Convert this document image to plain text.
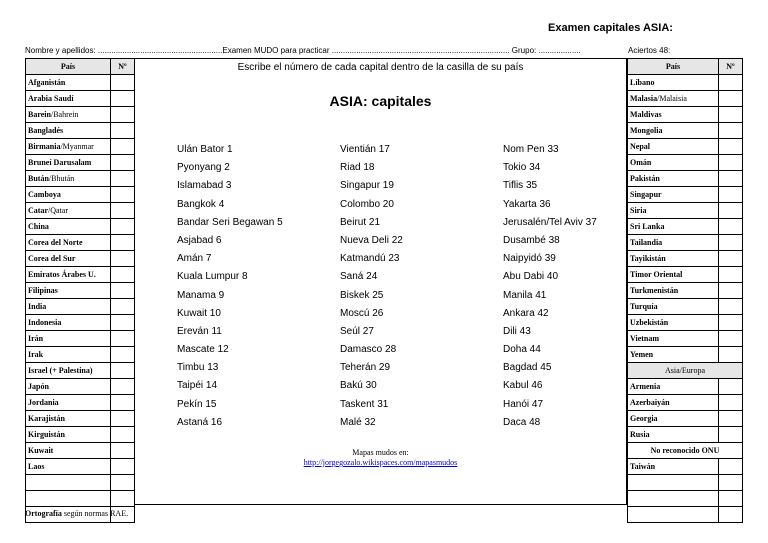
Examen capitales ASIA:
Nombre y apellidos: ........................................................Examen MUDO para practicar ................................................................................ Grupo: ...................	Aciertos 48:
País	Nº
Afganistán	
Arabia Saudí	
Barein/Bahrein	
Bangladés	
Birmania/Myanmar	
Bruneí Darusalam	
Bután/Bhután	
Camboya	
Catar/Qatar	
China	
Corea del Norte	
Corea del Sur	
Emiratos Árabes U.	
Filipinas	
India	
Indonesia	
Irán	
Irak	
Israel (+ Palestina)	
Japón	
Jordania	
Karajistán	
Kirguistán	
Kuwait	
Laos	

Escribe el número de cada capital dentro de la casilla de su país
ASIA: capitales
Ulán Bator 1
Pyonyang 2
Islamabad 3
Bangkok 4
Bandar Seri Begawan 5
Asjabad 6
Amán 7
Kuala Lumpur 8
Manama 9
Kuwait 10
Ereván 11
Mascate 12
Timbu 13
Taipéi 14
Pekín 15
Astaná 16
Vientián 17
Riad 18
Singapur 19
Colombo 20
Beirut 21
Nueva Deli 22
Katmandú 23
Saná 24
Biskek 25
Moscú 26
Seúl 27
Damasco 28
Teherán 29
Bakú 30
Taskent 31
Malé 32
Nom Pen 33
Tokio 34
Tiflis 35
Yakarta 36
Jerusalén/Tel Aviv 37
Dusambé 38
Naipyidó 39
Abu Dabi 40
Manila 41
Ankara 42
Dili 43
Doha 44
Bagdad 45
Kabul 46
Hanói 47
Daca 48
Mapas mudos en:
http://jorgegozalo.wikispaces.com/mapasmudos
País	Nº
Líbano	
Malasia/Malaisia	
Maldivas	
Mongolia	
Nepal	
Omán	
Pakistán	
Singapur	
Siria	
Sri Lanka	
Tailandia	
Tayikistán	
Timor Oriental	
Turkmenistán	
Turquía	
Uzbekistán	
Vietnam	
Yemen	
Asia/Europa	
Armenia	
Azerbaiyán	
Georgia	
Rusia	
No reconocido ONU	
Taiwán	

Ortografía según normas RAE.
